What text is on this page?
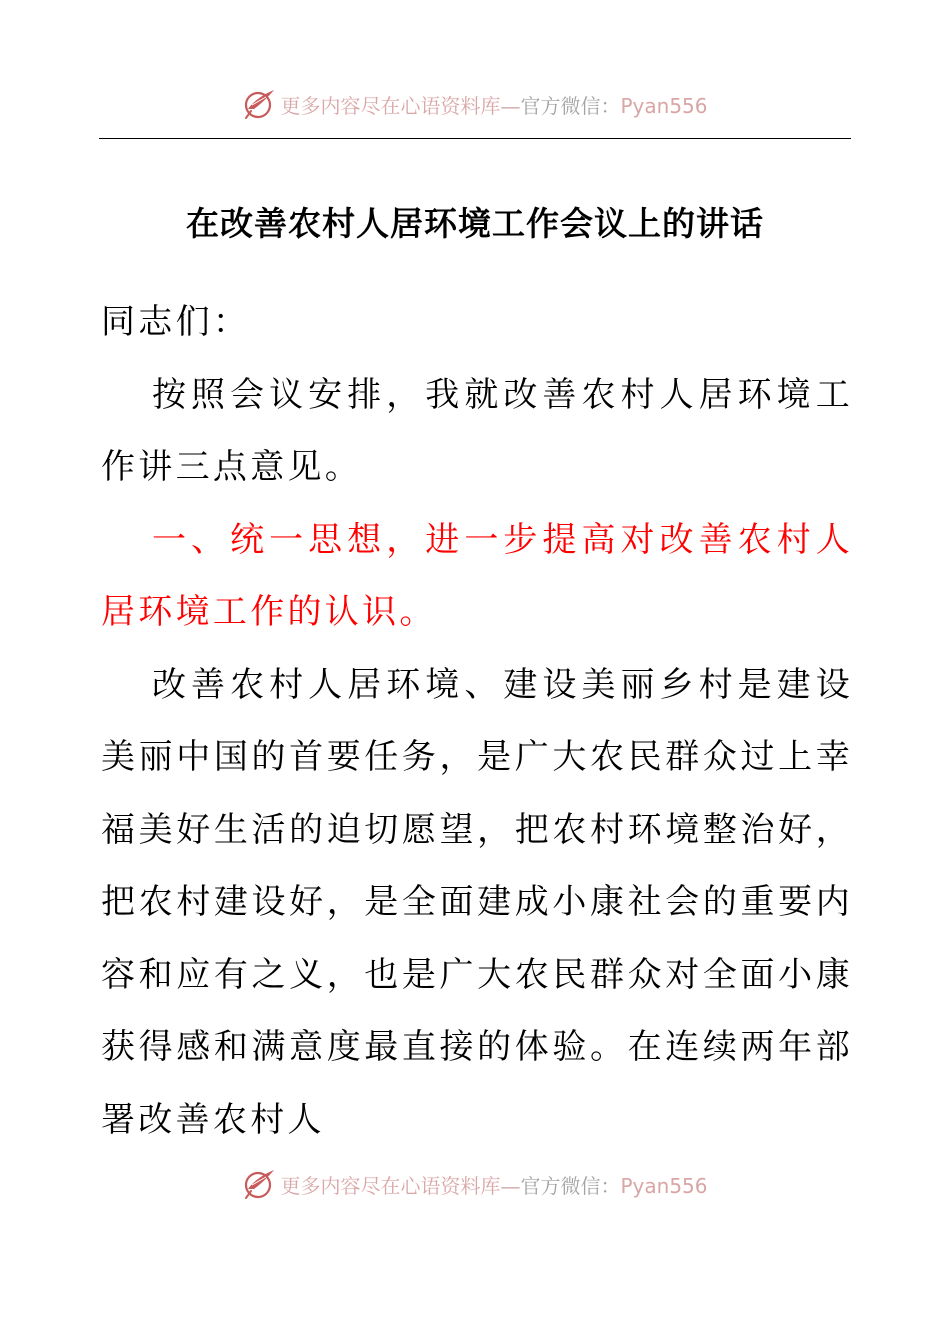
更多内容尽在心语资料库—官方微信：Pyan556
在改善农村人居环境工作会议上的讲话

同志们：

按照会议安排，我就改善农村人居环境工作讲三点意见。

一、统一思想，进一步提高对改善农村人居环境工作的认识。

改善农村人居环境、建设美丽乡村是建设美丽中国的首要任务，是广大农民群众过上幸福美好生活的迫切愿望，把农村环境整治好，把农村建设好，是全面建成小康社会的重要内容和应有之义，也是广大农民群众对全面小康获得感和满意度最直接的体验。在连续两年部署改善农村人

更多内容尽在心语资料库—官方微信：Pyan556
